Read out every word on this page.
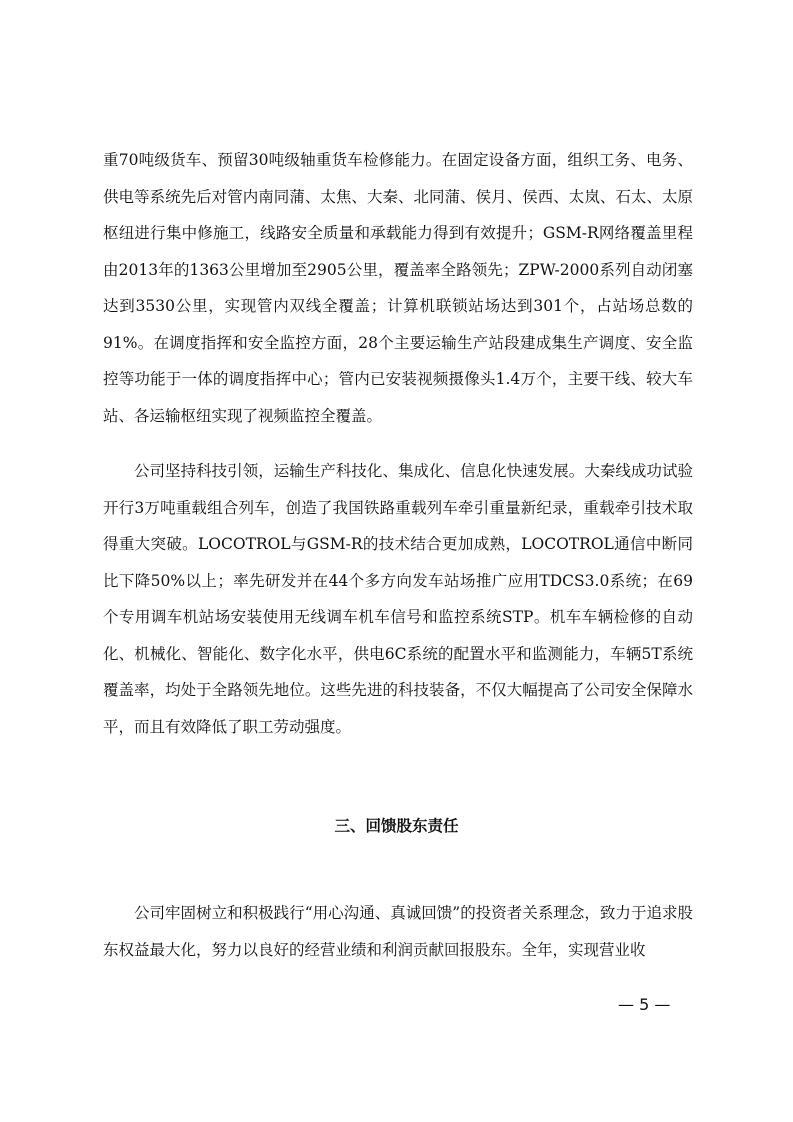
重70吨级货车、预留30吨级轴重货车检修能力。在固定设备方面，组织工务、电务、供电等系统先后对管内南同蒲、太焦、大秦、北同蒲、侯月、侯西、太岚、石太、太原枢纽进行集中修施工，线路安全质量和承载能力得到有效提升；GSM-R网络覆盖里程由2013年的1363公里增加至2905公里，覆盖率全路领先；ZPW-2000系列自动闭塞达到3530公里，实现管内双线全覆盖；计算机联锁站场达到301个，占站场总数的91%。在调度指挥和安全监控方面，28个主要运输生产站段建成集生产调度、安全监控等功能于一体的调度指挥中心；管内已安装视频摄像头1.4万个，主要干线、较大车站、各运输枢纽实现了视频监控全覆盖。

公司坚持科技引领，运输生产科技化、集成化、信息化快速发展。大秦线成功试验开行3万吨重载组合列车，创造了我国铁路重载列车牵引重量新纪录，重载牵引技术取得重大突破。LOCOTROL与GSM-R的技术结合更加成熟，LOCOTROL通信中断同比下降50%以上；率先研发并在44个多方向发车站场推广应用TDCS3.0系统；在69个专用调车机站场安装使用无线调车机车信号和监控系统STP。机车车辆检修的自动化、机械化、智能化、数字化水平，供电6C系统的配置水平和监测能力，车辆5T系统覆盖率，均处于全路领先地位。这些先进的科技装备，不仅大幅提高了公司安全保障水平，而且有效降低了职工劳动强度。

三、回馈股东责任

公司牢固树立和积极践行“用心沟通、真诚回馈”的投资者关系理念，致力于追求股东权益最大化，努力以良好的经营业绩和利润贡献回报股东。全年，实现营业收

— 5 —
